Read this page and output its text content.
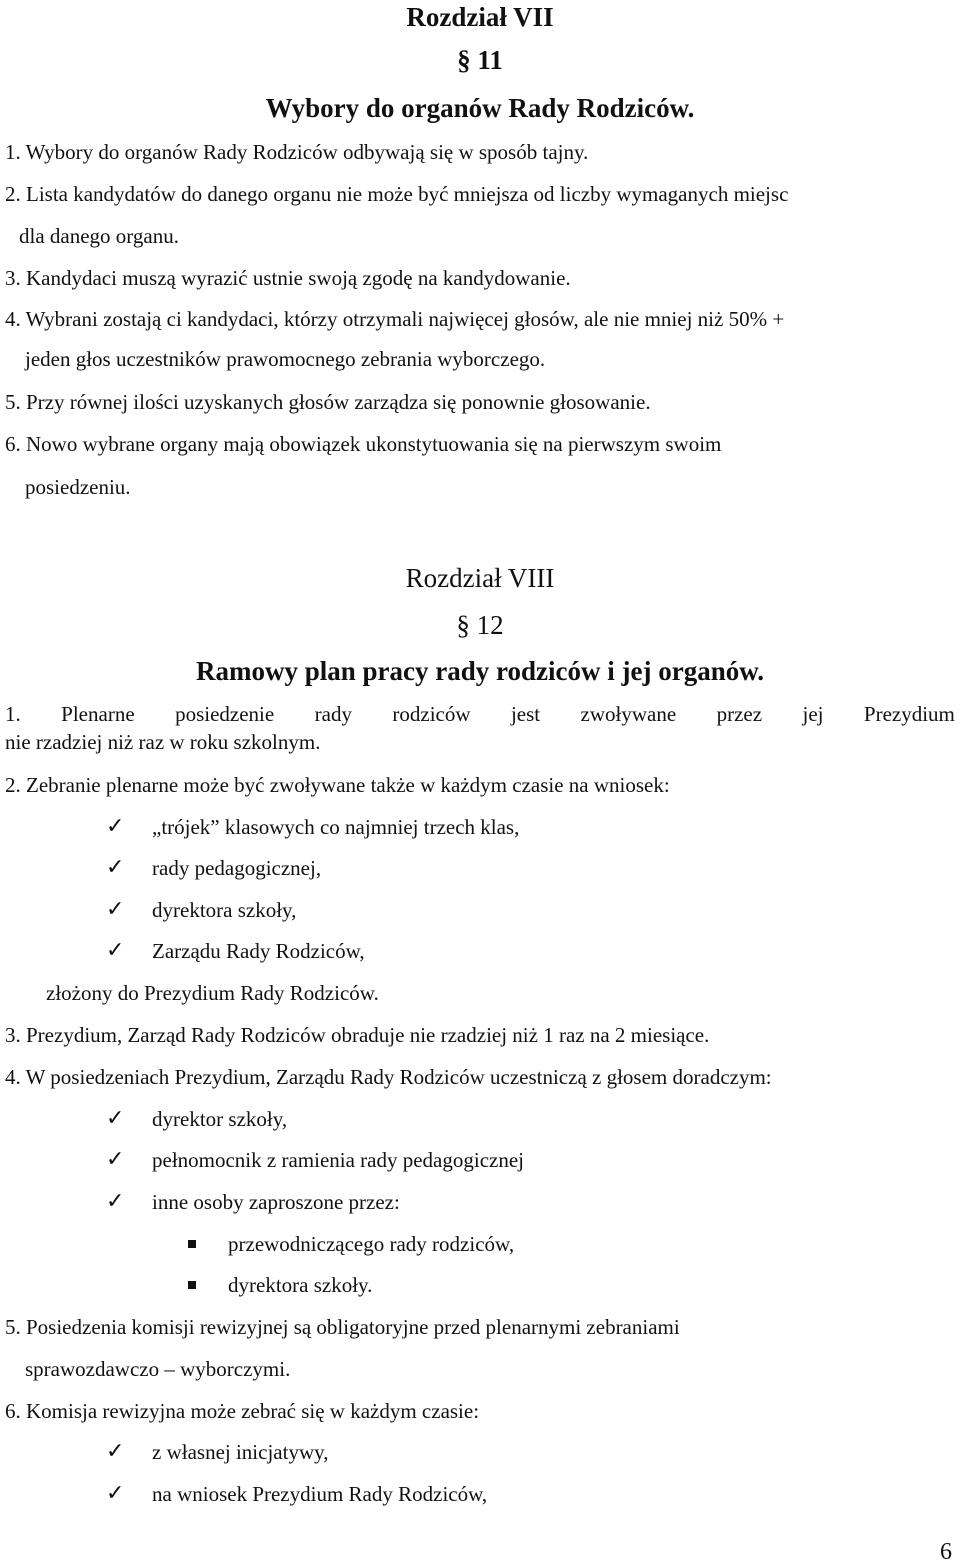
Rozdział VII
§ 11
Wybory do organów Rady Rodziców.
1. Wybory do organów Rady Rodziców odbywają się w sposób tajny.
2. Lista kandydatów do danego organu nie może być mniejsza od liczby wymaganych miejsc
dla danego organu.
3. Kandydaci muszą wyrazić ustnie swoją zgodę na kandydowanie.
4. Wybrani zostają ci kandydaci, którzy otrzymali najwięcej głosów, ale nie mniej niż 50% +
jeden głos uczestników prawomocnego zebrania wyborczego.
5. Przy równej ilości uzyskanych głosów zarządza się ponownie głosowanie.
6. Nowo wybrane organy mają obowiązek ukonstytuowania się na pierwszym swoim
posiedzeniu.
Rozdział VIII
§ 12
Ramowy plan pracy rady rodziców i jej organów.
1. Plenarne posiedzenie rady rodziców jest zwoływane przez jej Prezydium
nie rzadziej niż raz w roku szkolnym.
2. Zebranie plenarne może być zwoływane także w każdym czasie na wniosek:
✓ „trójek” klasowych co najmniej trzech klas,
✓ rady pedagogicznej,
✓ dyrektora szkoły,
✓ Zarządu Rady Rodziców,
złożony do Prezydium Rady Rodziców.
3. Prezydium, Zarząd Rady Rodziców obraduje nie rzadziej niż 1 raz na 2 miesiące.
4. W posiedzeniach Prezydium, Zarządu Rady Rodziców uczestniczą z głosem doradczym:
✓ dyrektor szkoły,
✓ pełnomocnik z ramienia rady pedagogicznej
✓ inne osoby zaproszone przez:
przewodniczącego rady rodziców,
dyrektora szkoły.
5. Posiedzenia komisji rewizyjnej są obligatoryjne przed plenarnymi zebraniami
sprawozdawczo – wyborczymi.
6. Komisja rewizyjna może zebrać się w każdym czasie:
✓ z własnej inicjatywy,
✓ na wniosek Prezydium Rady Rodziców,
6
